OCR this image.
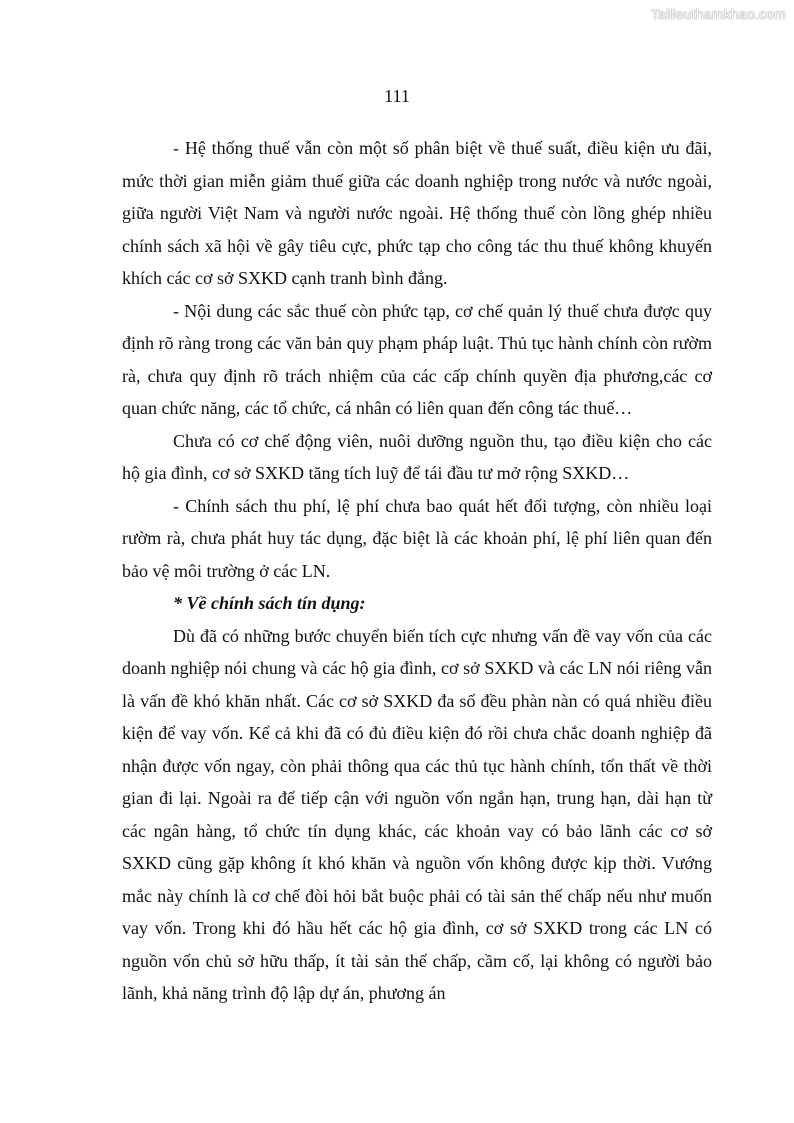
Tailieuthamkhao.com
111

- Hệ thống thuế vẫn còn một số phân biệt về thuế suất, điều kiện ưu đãi, mức thời gian miễn giảm thuế giữa các doanh nghiệp trong nước và nước ngoài, giữa người Việt Nam và người nước ngoài. Hệ thống thuế còn lồng ghép nhiều chính sách xã hội về gây tiêu cực, phức tạp cho công tác thu thuế không khuyến khích các cơ sở SXKD cạnh tranh bình đẳng.

- Nội dung các sắc thuế còn phức tạp, cơ chế quản lý thuế chưa được quy định rõ ràng trong các văn bản quy phạm pháp luật. Thủ tục hành chính còn rườm rà, chưa quy định rõ trách nhiệm của các cấp chính quyền địa phương,các cơ quan chức năng, các tổ chức, cá nhân có liên quan đến công tác thuế…

Chưa có cơ chế động viên, nuôi dưỡng nguồn thu, tạo điều kiện cho các hộ gia đình, cơ sở SXKD tăng tích luỹ để tái đầu tư mở rộng SXKD…

- Chính sách thu phí, lệ phí chưa bao quát hết đối tượng, còn nhiều loại rườm rà, chưa phát huy tác dụng, đặc biệt là các khoản phí, lệ phí liên quan đến bảo vệ môi trường ở các LN.

* Về chính sách tín dụng:

Dù đã có những bước chuyển biến tích cực nhưng vấn đề vay vốn của các doanh nghiệp nói chung và các hộ gia đình, cơ sở SXKD và các LN nói riêng vẫn là vấn đề khó khăn nhất. Các cơ sở SXKD đa số đều phàn nàn có quá nhiều điều kiện để vay vốn. Kể cả khi đã có đủ điều kiện đó rồi chưa chắc doanh nghiệp đã nhận được vốn ngay, còn phải thông qua các thủ tục hành chính, tổn thất về thời gian đi lại. Ngoài ra để tiếp cận với nguồn vốn ngắn hạn, trung hạn, dài hạn từ các ngân hàng, tổ chức tín dụng khác, các khoản vay có bảo lãnh các cơ sở SXKD cũng gặp không ít khó khăn và nguồn vốn không được kịp thời. Vướng mắc này chính là cơ chế đòi hỏi bắt buộc phải có tài sản thế chấp nếu như muốn vay vốn. Trong khi đó hầu hết các hộ gia đình, cơ sở SXKD trong các LN có nguồn vốn chủ sở hữu thấp, ít tài sản thế chấp, cầm cố, lại không có người bảo lãnh, khả năng trình độ lập dự án, phương án
